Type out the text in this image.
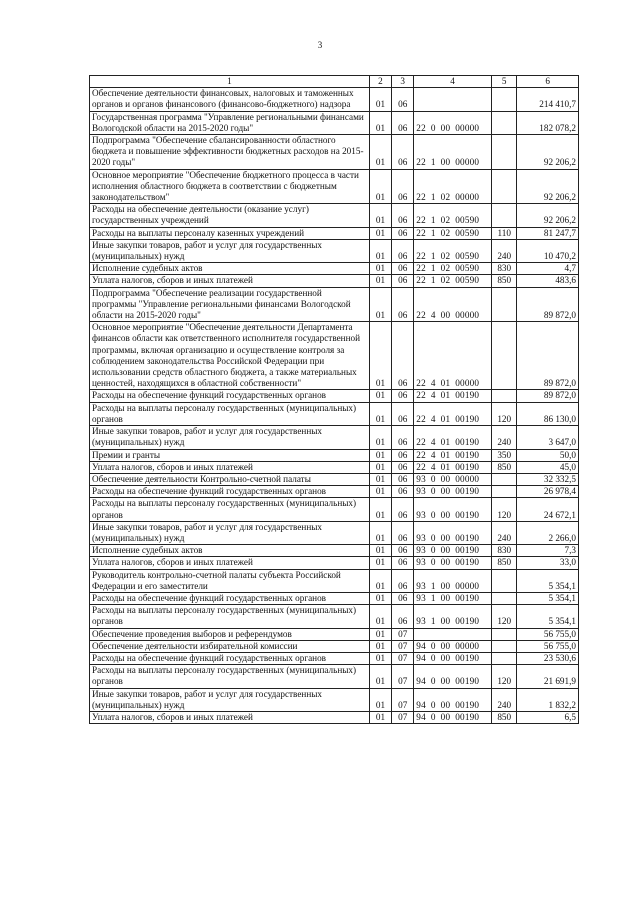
3
1	2	3	4	5	6
Обеспечение деятельности финансовых, налоговых и таможенных органов и органов финансового (финансово-бюджетного) надзора	01	06			214 410,7
Государственная программа "Управление региональными финансами Вологодской области на 2015-2020 годы"	01	06	22  0  00  00000		182 078,2
Подпрограмма "Обеспечение сбалансированности областного бюджета и повышение эффективности бюджетных расходов на 2015-2020 годы"	01	06	22  1  00  00000		92 206,2
Основное мероприятие "Обеспечение бюджетного процесса в части исполнения областного бюджета в соответствии с бюджетным законодательством"	01	06	22  1  02  00000		92 206,2
Расходы на обеспечение деятельности (оказание услуг) государственных учреждений	01	06	22  1  02  00590		92 206,2
Расходы на выплаты персоналу казенных учреждений	01	06	22  1  02  00590	110	81 247,7
Иные закупки товаров, работ и услуг для государственных (муниципальных) нужд	01	06	22  1  02  00590	240	10 470,2
Исполнение судебных актов	01	06	22  1  02  00590	830	4,7
Уплата налогов, сборов и иных платежей	01	06	22  1  02  00590	850	483,6
Подпрограмма "Обеспечение реализации государственной программы "Управление региональными финансами Вологодской области на 2015-2020 годы"	01	06	22  4  00  00000		89 872,0
Основное мероприятие "Обеспечение деятельности Департамента финансов области как ответственного исполнителя государственной программы, включая организацию и осуществление контроля за соблюдением законодательства Российской Федерации при использовании средств областного бюджета, а также материальных ценностей, находящихся в областной собственности"	01	06	22  4  01  00000		89 872,0
Расходы на обеспечение функций государственных органов	01	06	22  4  01  00190		89 872,0
Расходы на выплаты персоналу государственных (муниципальных) органов	01	06	22  4  01  00190	120	86 130,0
Иные закупки товаров, работ и услуг для государственных (муниципальных) нужд	01	06	22  4  01  00190	240	3 647,0
Премии и гранты	01	06	22  4  01  00190	350	50,0
Уплата налогов, сборов и иных платежей	01	06	22  4  01  00190	850	45,0
Обеспечение деятельности Контрольно-счетной палаты	01	06	93  0  00  00000		32 332,5
Расходы на обеспечение функций государственных органов	01	06	93  0  00  00190		26 978,4
Расходы на выплаты персоналу государственных (муниципальных) органов	01	06	93  0  00  00190	120	24 672,1
Иные закупки товаров, работ и услуг для государственных (муниципальных) нужд	01	06	93  0  00  00190	240	2 266,0
Исполнение судебных актов	01	06	93  0  00  00190	830	7,3
Уплата налогов, сборов и иных платежей	01	06	93  0  00  00190	850	33,0
Руководитель контрольно-счетной палаты субъекта Российской Федерации и его заместители	01	06	93  1  00  00000		5 354,1
Расходы на обеспечение функций государственных органов	01	06	93  1  00  00190		5 354,1
Расходы на выплаты персоналу государственных (муниципальных) органов	01	06	93  1  00  00190	120	5 354,1
Обеспечение проведения выборов и референдумов	01	07			56 755,0
Обеспечение деятельности избирательной комиссии	01	07	94  0  00  00000		56 755,0
Расходы на обеспечение функций государственных органов	01	07	94  0  00  00190		23 530,6
Расходы на выплаты персоналу государственных (муниципальных) органов	01	07	94  0  00  00190	120	21 691,9
Иные закупки товаров, работ и услуг для государственных (муниципальных) нужд	01	07	94  0  00  00190	240	1 832,2
Уплата налогов, сборов и иных платежей	01	07	94  0  00  00190	850	6,5
